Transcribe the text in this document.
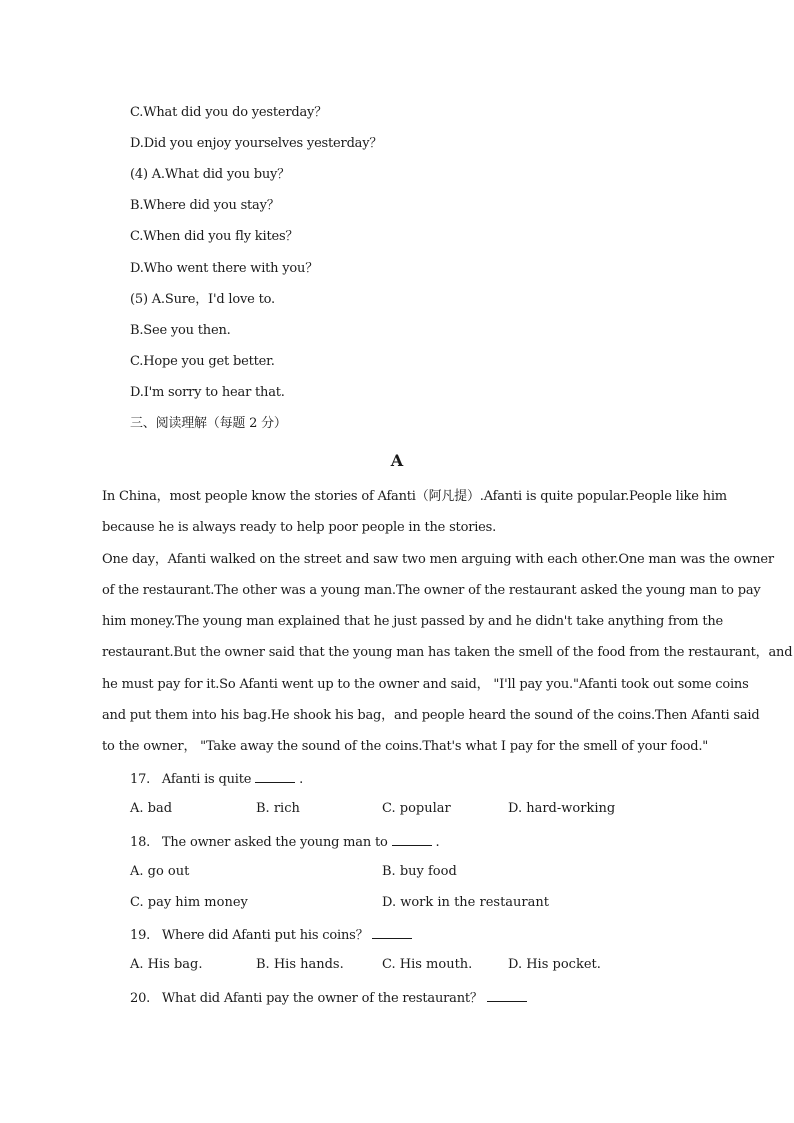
C.What did you do yesterday？
D.Did you enjoy yourselves yesterday？
(4) A.What did you buy？
B.Where did you stay？
C.When did you fly kites？
D.Who went there with you？
(5) A.Sure，I'd love to.
B.See you then.
C.Hope you get better.
D.I'm sorry to hear that.
三、阅读理解（每题 2 分）
A
In China，most people know the stories of Afanti（阿凡提）.Afanti is quite popular.People like him
because he is always ready to help poor people in the stories.
One day，Afanti walked on the street and saw two men arguing with each other.One man was the owner
of the restaurant.The other was a young man.The owner of the restaurant asked the young man to pay
him money.The young man explained that he just passed by and he didn't take anything from the
restaurant.But the owner said that the young man has taken the smell of the food from the restaurant，and
he must pay for it.So Afanti went up to the owner and said， "I'll pay you."Afanti took out some coins
and put them into his bag.He shook his bag，and people heard the sound of the coins.Then Afanti said
to the owner， "Take away the sound of the coins.That's what I pay for the smell of your food."
17. Afanti is quite	.
A. bad	B. rich	C. popular	D. hard-working
18. The owner asked the young man to	.
A. go out	B. buy food
C. pay him money	D. work in the restaurant
19. Where did Afanti put his coins？
A. His bag.	B. His hands.	C. His mouth.	D. His pocket.
20. What did Afanti pay the owner of the restaurant？
